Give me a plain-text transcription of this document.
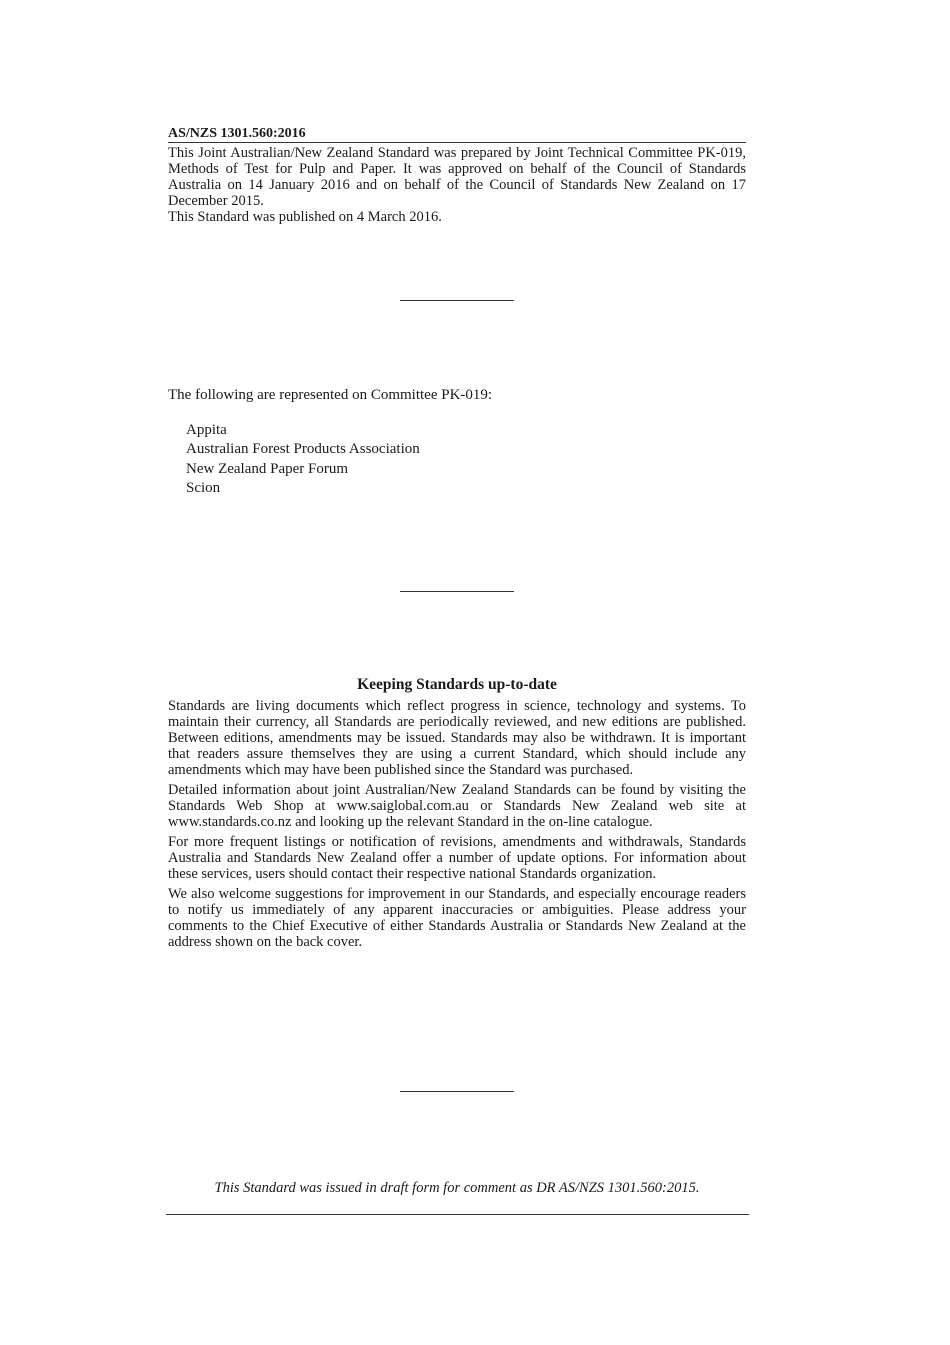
AS/NZS 1301.560:2016

This Joint Australian/New Zealand Standard was prepared by Joint Technical Committee PK-019, Methods of Test for Pulp and Paper. It was approved on behalf of the Council of Standards Australia on 14 January 2016 and on behalf of the Council of Standards New Zealand on 17 December 2015.

This Standard was published on 4 March 2016.

The following are represented on Committee PK-019:
Appita
Australian Forest Products Association
New Zealand Paper Forum
Scion
Keeping Standards up-to-date

Standards are living documents which reflect progress in science, technology and systems. To maintain their currency, all Standards are periodically reviewed, and new editions are published. Between editions, amendments may be issued. Standards may also be withdrawn. It is important that readers assure themselves they are using a current Standard, which should include any amendments which may have been published since the Standard was purchased.

Detailed information about joint Australian/New Zealand Standards can be found by visiting the Standards Web Shop at www.saiglobal.com.au or Standards New Zealand web site at www.standards.co.nz and looking up the relevant Standard in the on-line catalogue.

For more frequent listings or notification of revisions, amendments and withdrawals, Standards Australia and Standards New Zealand offer a number of update options. For information about these services, users should contact their respective national Standards organization.

We also welcome suggestions for improvement in our Standards, and especially encourage readers to notify us immediately of any apparent inaccuracies or ambiguities. Please address your comments to the Chief Executive of either Standards Australia or Standards New Zealand at the address shown on the back cover.

This Standard was issued in draft form for comment as DR AS/NZS 1301.560:2015.
